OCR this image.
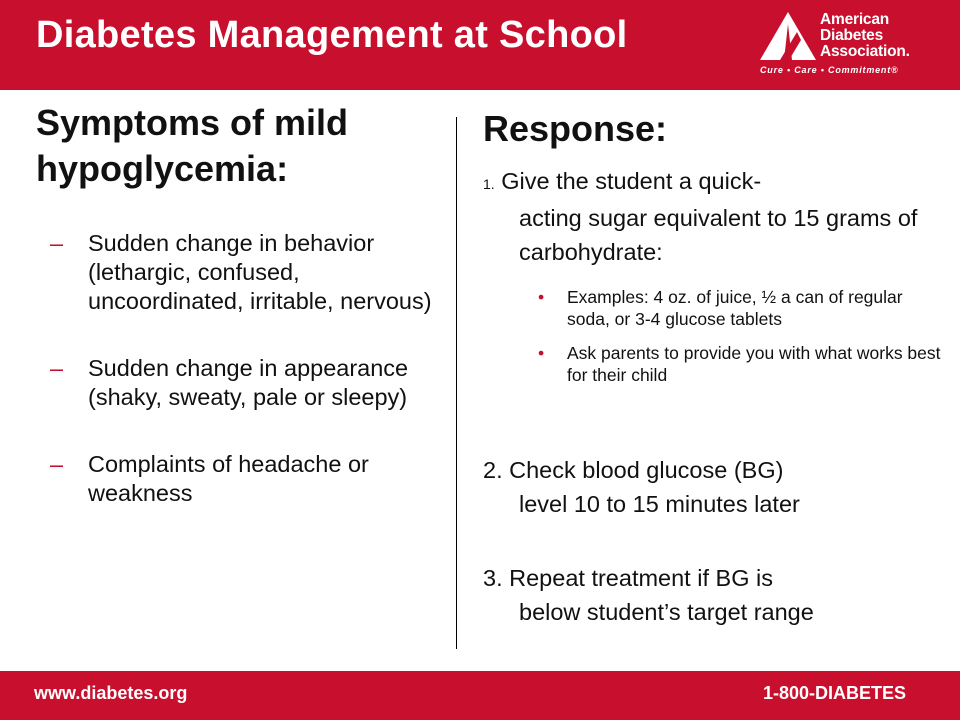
Diabetes Management at School	American
Diabetes
Association.
Cure • Care • Commitment®
Symptoms of mild
hypoglycemia:
– Sudden change in behavior (lethargic, confused, uncoordinated, irritable, nervous)
– Sudden change in appearance (shaky, sweaty, pale or sleepy)
– Complaints of headache or weakness
Response:
1. Give the student a quick-
acting sugar equivalent to 15 grams of carbohydrate:
• Examples: 4 oz. of juice, ½ a can of regular soda, or 3-4 glucose tablets
• Ask parents to provide you with what works best for their child
2. Check blood glucose (BG)
level 10 to 15 minutes later
3. Repeat treatment if BG is
below student’s target range
www.diabetes.org	1-800-DIABETES
